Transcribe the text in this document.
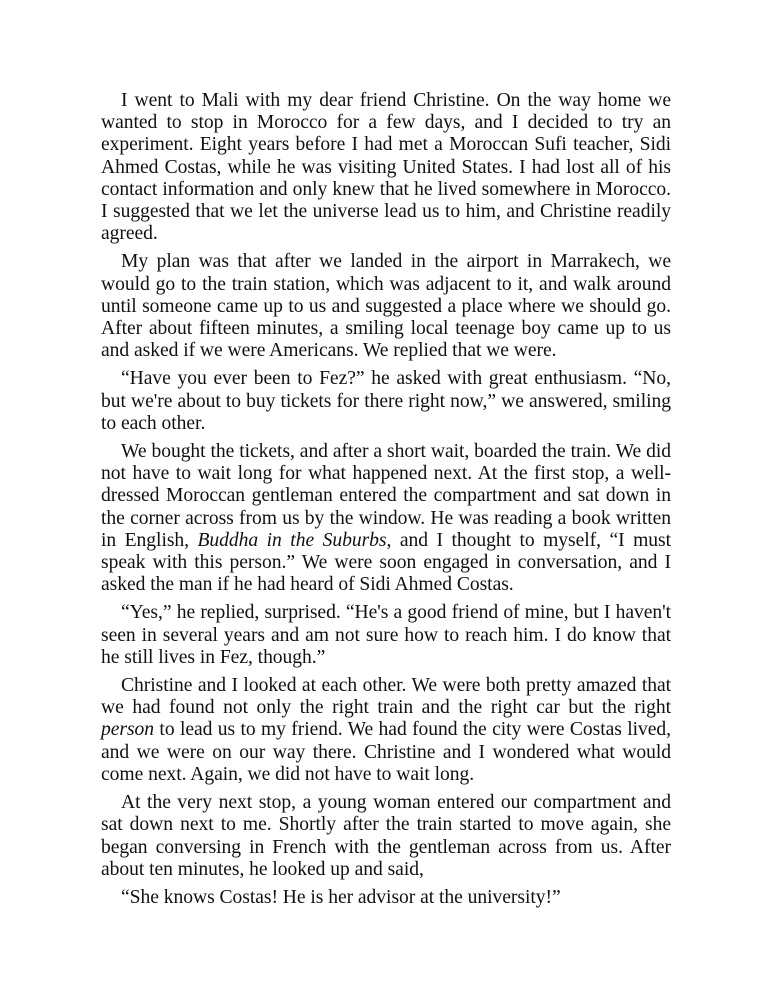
I went to Mali with my dear friend Christine. On the way home we wanted to stop in Morocco for a few days, and I decided to try an experiment. Eight years before I had met a Moroccan Sufi teacher, Sidi Ahmed Costas, while he was visiting United States. I had lost all of his contact information and only knew that he lived somewhere in Morocco. I suggested that we let the universe lead us to him, and Christine readily agreed.

My plan was that after we landed in the airport in Marrakech, we would go to the train station, which was adjacent to it, and walk around until someone came up to us and suggested a place where we should go. After about fifteen minutes, a smiling local teenage boy came up to us and asked if we were Americans. We replied that we were.

“Have you ever been to Fez?” he asked with great enthusiasm. “No, but we're about to buy tickets for there right now,” we answered, smiling to each other.

We bought the tickets, and after a short wait, boarded the train. We did not have to wait long for what happened next. At the first stop, a well-dressed Moroccan gentleman entered the compartment and sat down in the corner across from us by the window. He was reading a book written in English, Buddha in the Suburbs, and I thought to myself, “I must speak with this person.” We were soon engaged in conversation, and I asked the man if he had heard of Sidi Ahmed Costas.

“Yes,” he replied, surprised. “He's a good friend of mine, but I haven't seen in several years and am not sure how to reach him. I do know that he still lives in Fez, though.”

Christine and I looked at each other. We were both pretty amazed that we had found not only the right train and the right car but the right person to lead us to my friend. We had found the city were Costas lived, and we were on our way there. Christine and I wondered what would come next. Again, we did not have to wait long.

At the very next stop, a young woman entered our compartment and sat down next to me. Shortly after the train started to move again, she began conversing in French with the gentleman across from us. After about ten minutes, he looked up and said,

“She knows Costas! He is her advisor at the university!”
